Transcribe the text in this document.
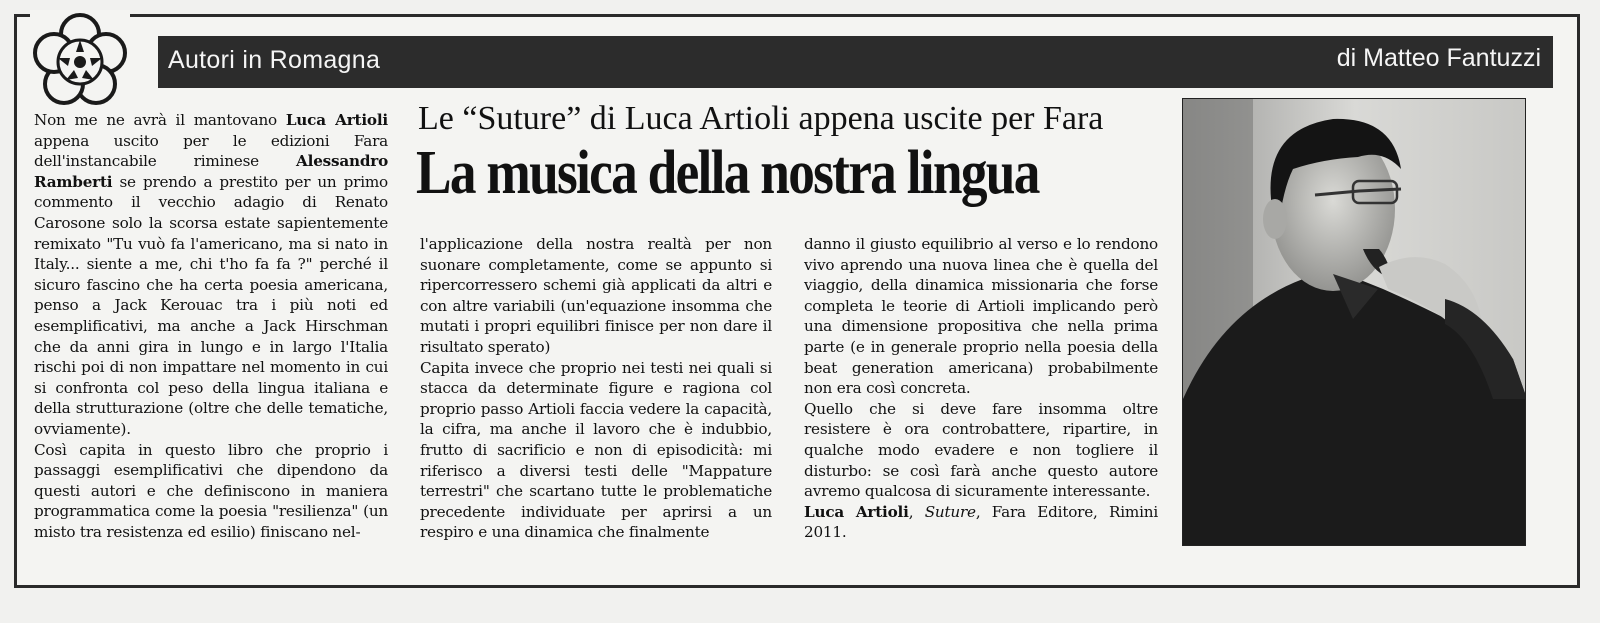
Autori in Romagna	di Matteo Fantuzzi
Le “Suture” di Luca Artioli appena uscite per Fara
La musica della nostra lingua

Non me ne avrà il mantovano Luca Artioli appena uscito per le edizioni Fara dell'instancabile riminese Alessandro Ramberti se prendo a prestito per un primo commento il vecchio adagio di Renato Carosone solo la scorsa estate sapientemente remixato "Tu vuò fa l'americano, ma si nato in Italy... siente a me, chi t'ho fa fa ?" perché il sicuro fascino che ha certa poesia americana, penso a Jack Kerouac tra i più noti ed esemplificativi, ma anche a Jack Hirschman che da anni gira in lungo e in largo l'Italia rischi poi di non impattare nel momento in cui si confronta col peso della lingua italiana e della strutturazione (oltre che delle tematiche, ovviamente).

Così capita in questo libro che proprio i passaggi esemplificativi che dipendono da questi autori e che definiscono in maniera programmatica come la poesia "resilienza" (un misto tra resistenza ed esilio) finiscano nel-

l'applicazione della nostra realtà per non suonare completamente, come se appunto si ripercorressero schemi già applicati da altri e con altre variabili (un'equazione insomma che mutati i propri equilibri finisce per non dare il risultato sperato)

Capita invece che proprio nei testi nei quali si stacca da determinate figure e ragiona col proprio passo Artioli faccia vedere la capacità, la cifra, ma anche il lavoro che è indubbio, frutto di sacrificio e non di episodicità: mi riferisco a diversi testi delle "Mappature terrestri" che scartano tutte le problematiche precedente individuate per aprirsi a un respiro e una dinamica che finalmente

danno il giusto equilibrio al verso e lo rendono vivo aprendo una nuova linea che è quella del viaggio, della dinamica missionaria che forse completa le teorie di Artioli implicando però una dimensione propositiva che nella prima parte (e in generale proprio nella poesia della beat generation americana) probabilmente non era così concreta.

Quello che si deve fare insomma oltre resistere è ora controbattere, ripartire, in qualche modo evadere e non togliere il disturbo: se così farà anche questo autore avremo qualcosa di sicuramente interessante.

Luca Artioli, Suture, Fara Editore, Rimini 2011.
